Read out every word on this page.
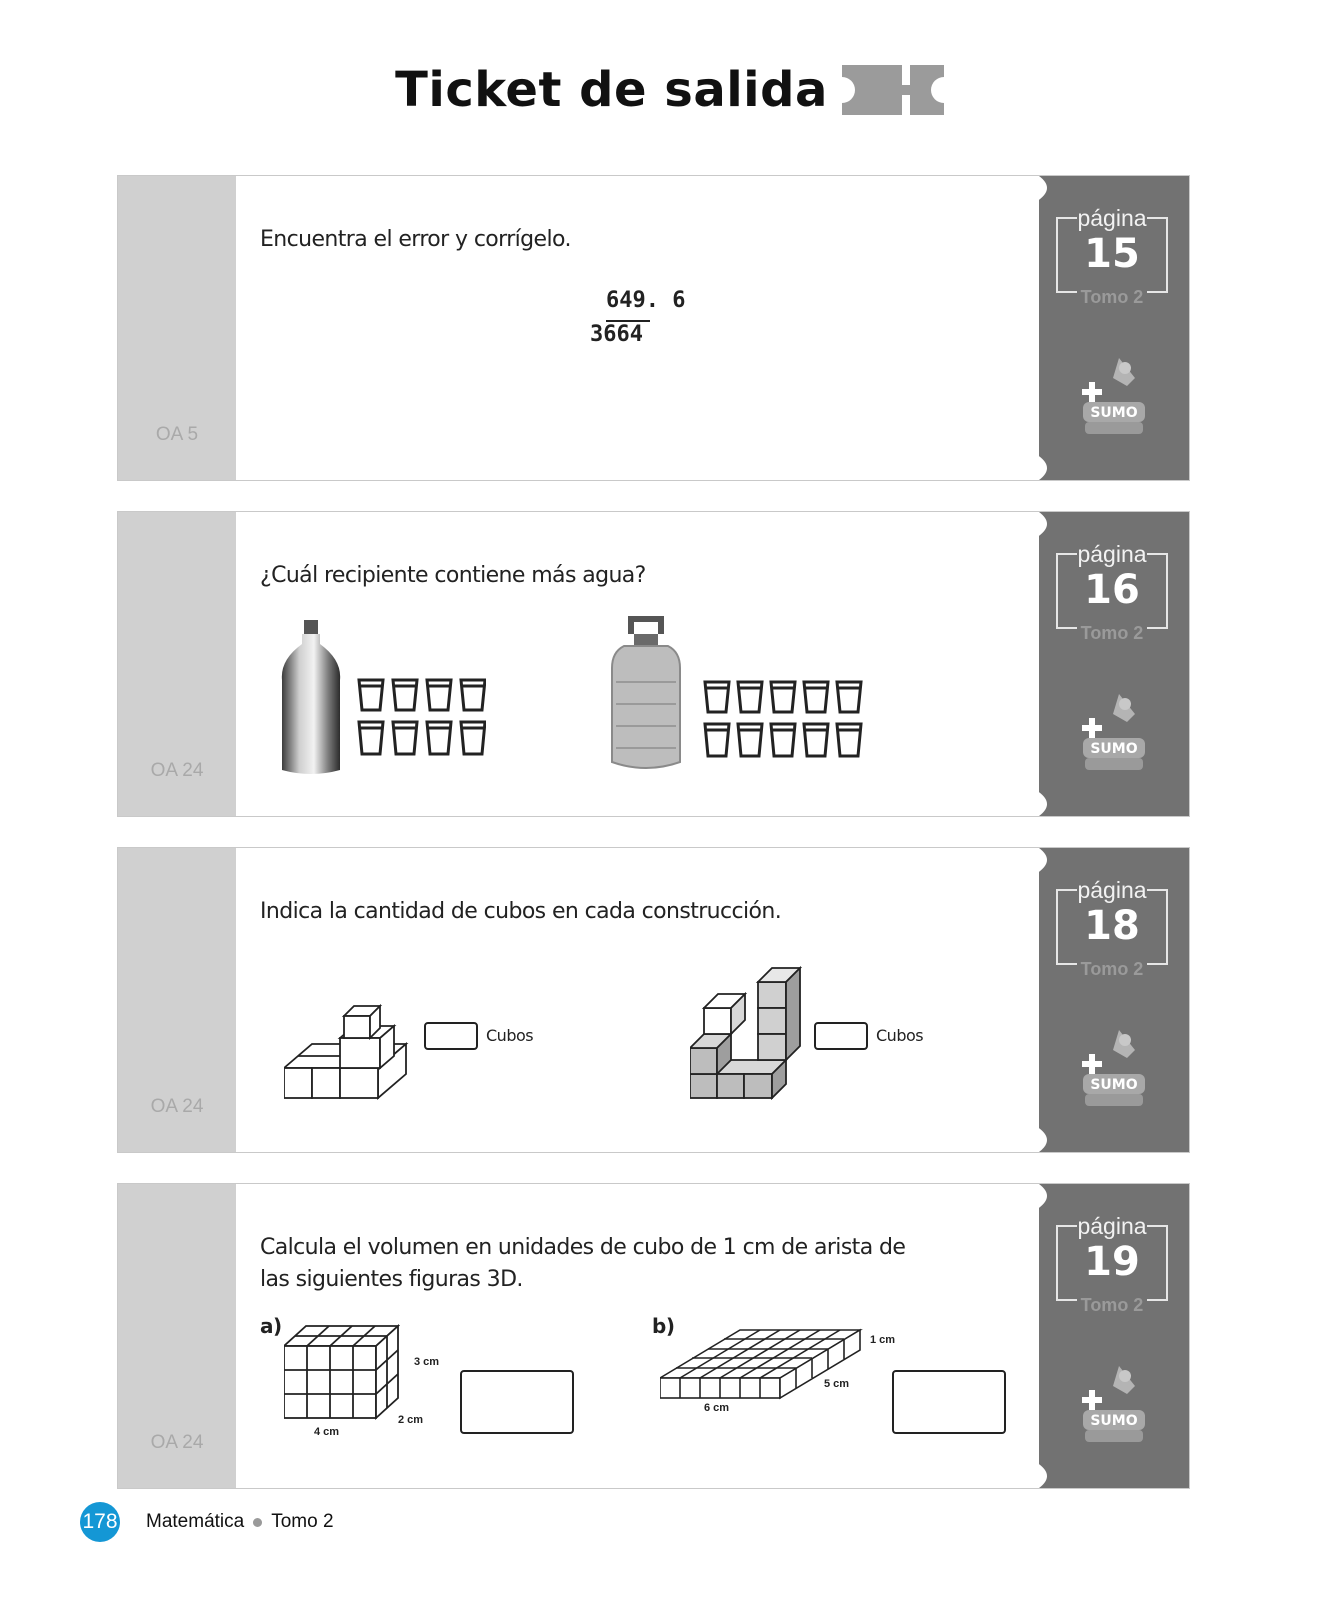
Ticket de salida
OA 5
Encuentra el error y corrígelo.
649. 6
3664
página
15
Tomo 2
SUMO
OA 24
¿Cuál recipiente contiene más agua?
página
16
Tomo 2
SUMO
OA 24
Indica la cantidad de cubos en cada construcción.
Cubos	Cubos
página
18
Tomo 2
SUMO
OA 24
Calcula el volumen en unidades de cubo de 1 cm de arista de
las siguientes figuras 3D.
a)
3 cm
2 cm
4 cm
b)
1 cm
5 cm
6 cm
página
19
Tomo 2
SUMO
178 Matemática Tomo 2
